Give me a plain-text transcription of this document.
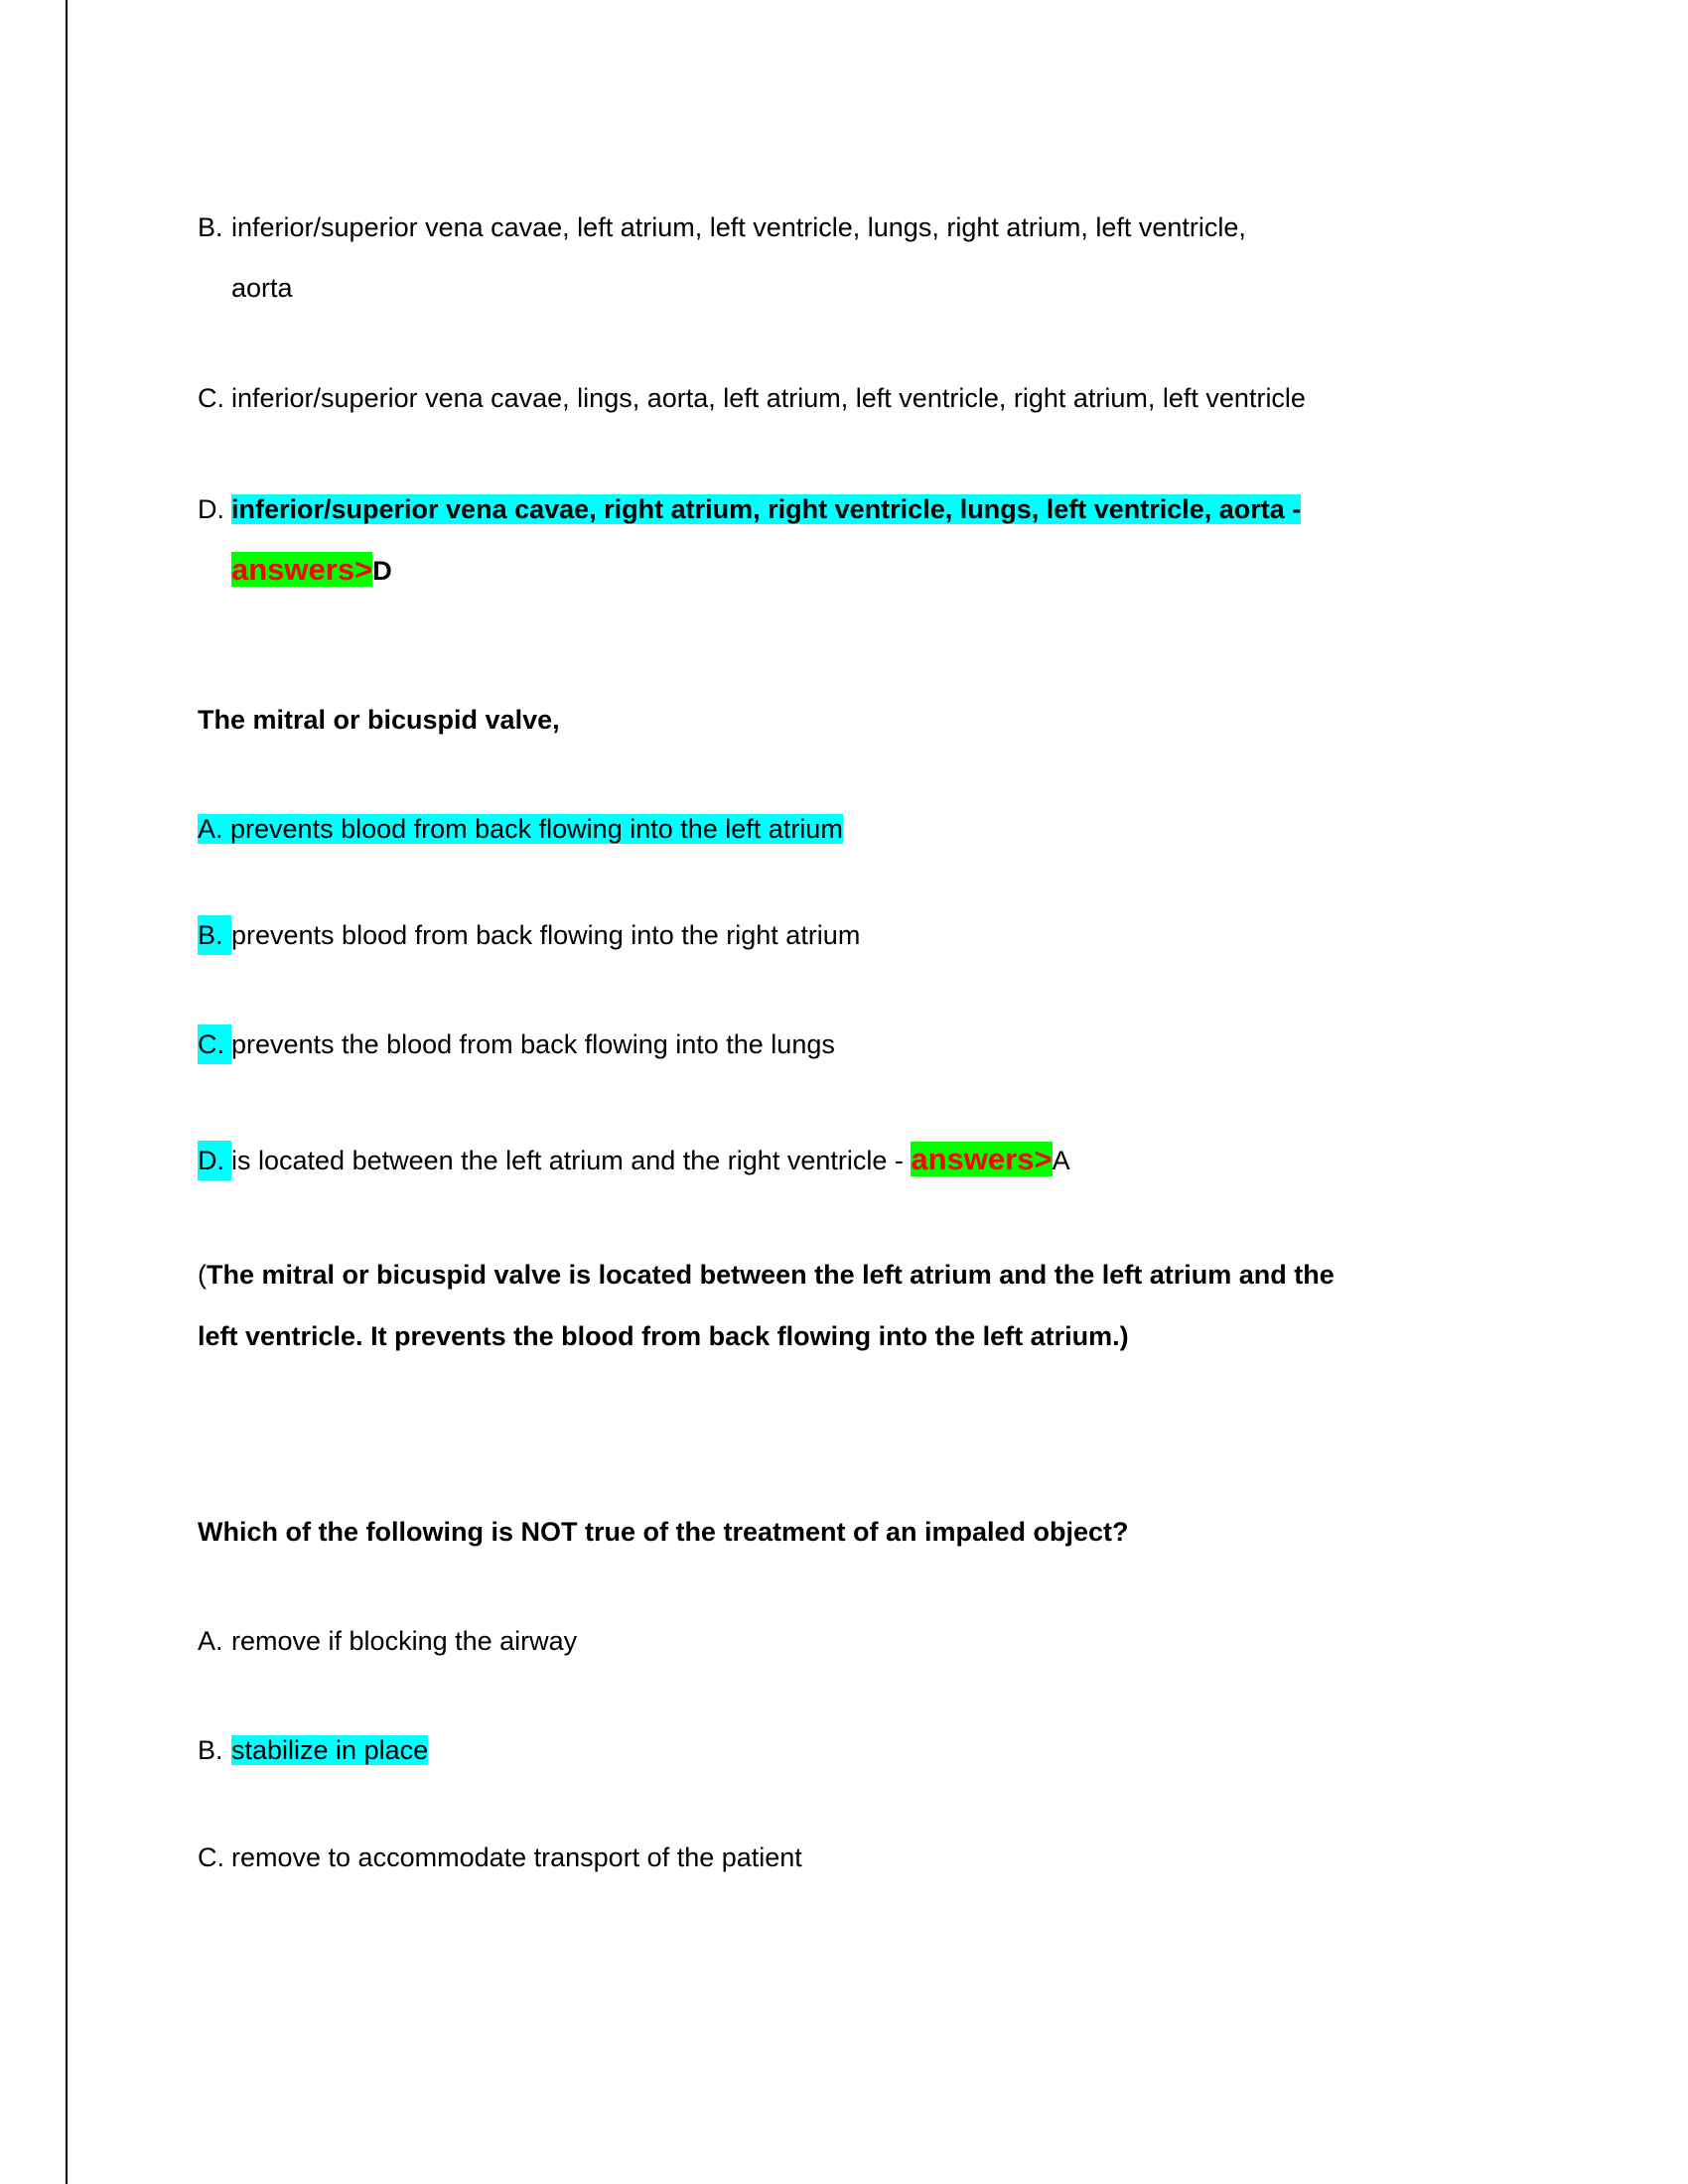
B. inferior/superior vena cavae, left atrium, left ventricle, lungs, right atrium, left ventricle,
aorta
C. inferior/superior vena cavae, lings, aorta, left atrium, left ventricle, right atrium, left ventricle
D. inferior/superior vena cavae, right atrium, right ventricle, lungs, left ventricle, aorta -
answers>D
The mitral or bicuspid valve,
A. prevents blood from back flowing into the left atrium
B. prevents blood from back flowing into the right atrium
C. prevents the blood from back flowing into the lungs
D. is located between the left atrium and the right ventricle - answers>A
(The mitral or bicuspid valve is located between the left atrium and the left atrium and the
left ventricle. It prevents the blood from back flowing into the left atrium.)
Which of the following is NOT true of the treatment of an impaled object?
A. remove if blocking the airway
B. stabilize in place
C. remove to accommodate transport of the patient
